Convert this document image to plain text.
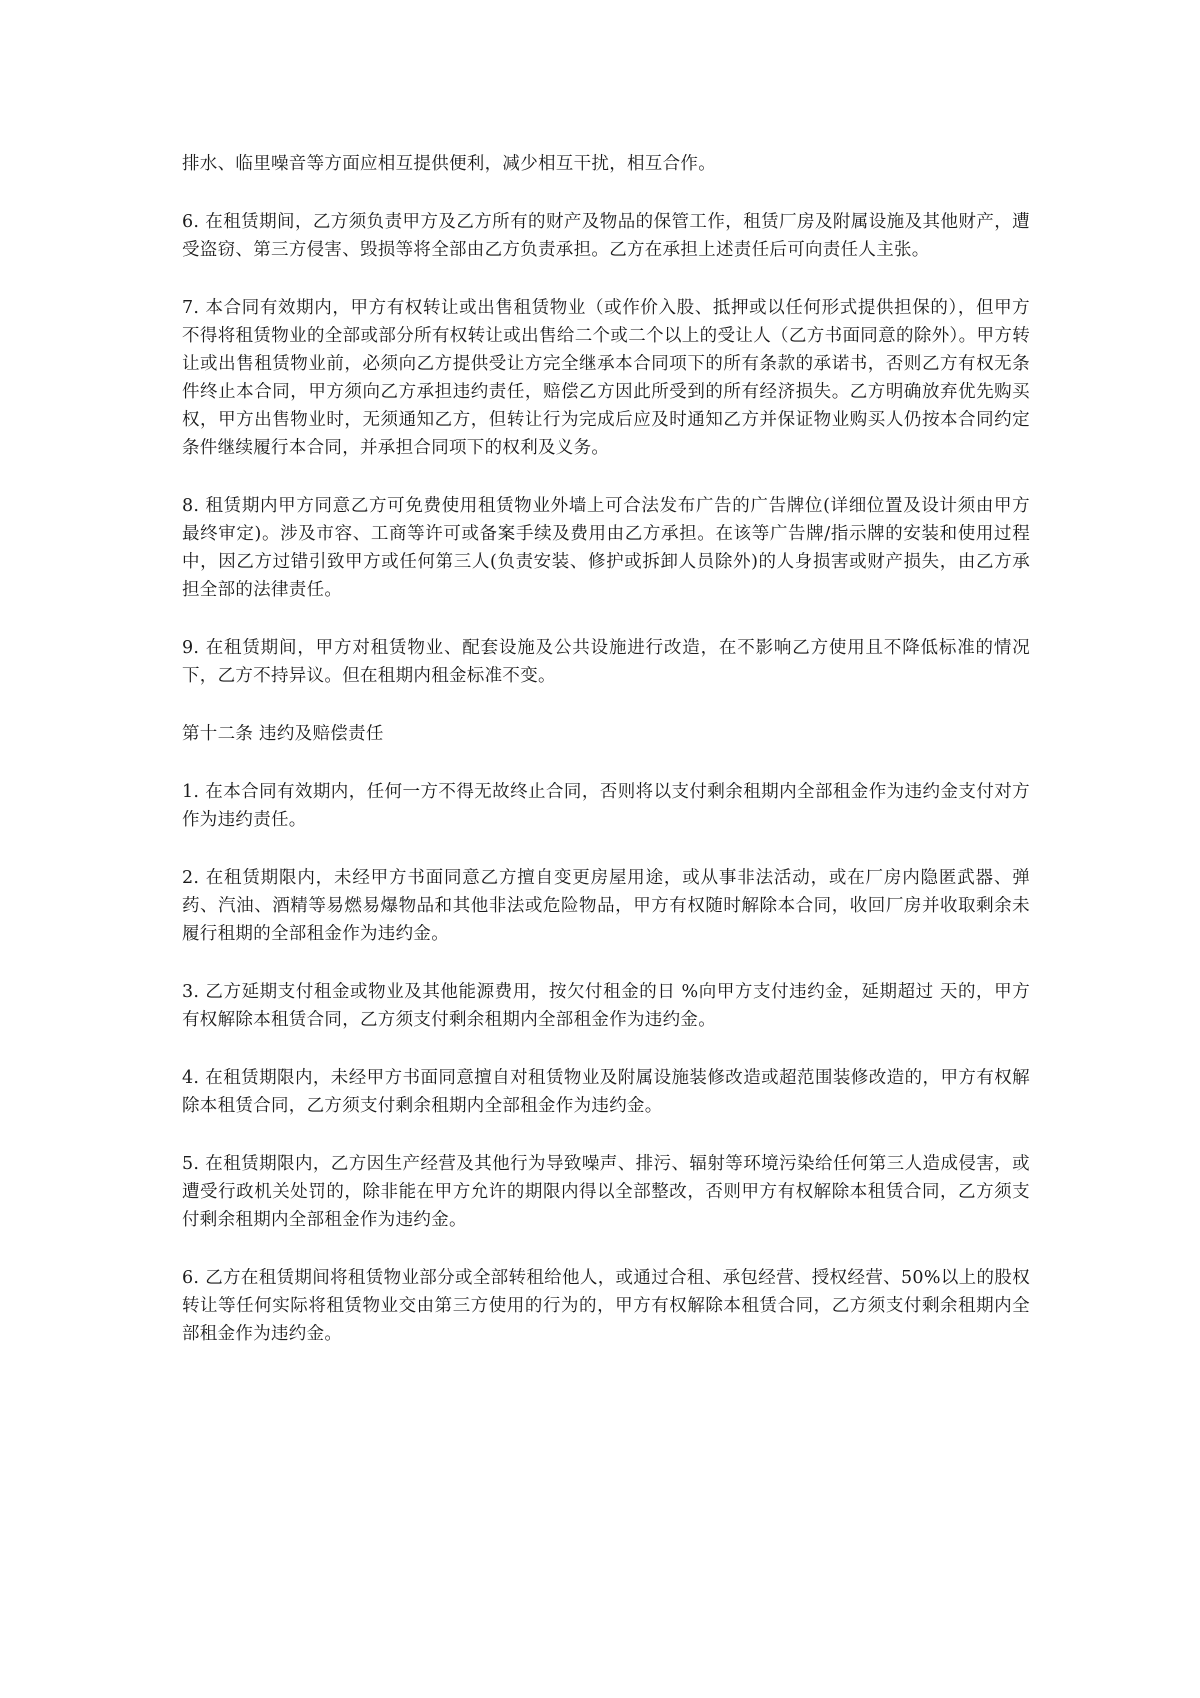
排水、临里噪音等方面应相互提供便利，减少相互干扰，相互合作。

6. 在租赁期间，乙方须负责甲方及乙方所有的财产及物品的保管工作，租赁厂房及附属设施及其他财产，遭受盗窃、第三方侵害、毁损等将全部由乙方负责承担。乙方在承担上述责任后可向责任人主张。

7. 本合同有效期内，甲方有权转让或出售租赁物业（或作价入股、抵押或以任何形式提供担保的），但甲方不得将租赁物业的全部或部分所有权转让或出售给二个或二个以上的受让人（乙方书面同意的除外）。甲方转让或出售租赁物业前，必须向乙方提供受让方完全继承本合同项下的所有条款的承诺书，否则乙方有权无条件终止本合同，甲方须向乙方承担违约责任，赔偿乙方因此所受到的所有经济损失。乙方明确放弃优先购买权，甲方出售物业时，无须通知乙方，但转让行为完成后应及时通知乙方并保证物业购买人仍按本合同约定条件继续履行本合同，并承担合同项下的权利及义务。

8. 租赁期内甲方同意乙方可免费使用租赁物业外墙上可合法发布广告的广告牌位(详细位置及设计须由甲方最终审定)。涉及市容、工商等许可或备案手续及费用由乙方承担。在该等广告牌/指示牌的安装和使用过程中，因乙方过错引致甲方或任何第三人(负责安装、修护或拆卸人员除外)的人身损害或财产损失，由乙方承担全部的法律责任。

9. 在租赁期间，甲方对租赁物业、配套设施及公共设施进行改造，在不影响乙方使用且不降低标准的情况下，乙方不持异议。但在租期内租金标准不变。

第十二条 违约及赔偿责任

1. 在本合同有效期内，任何一方不得无故终止合同，否则将以支付剩余租期内全部租金作为违约金支付对方作为违约责任。

2. 在租赁期限内，未经甲方书面同意乙方擅自变更房屋用途，或从事非法活动，或在厂房内隐匿武器、弹药、汽油、酒精等易燃易爆物品和其他非法或危险物品，甲方有权随时解除本合同，收回厂房并收取剩余未履行租期的全部租金作为违约金。

3. 乙方延期支付租金或物业及其他能源费用，按欠付租金的日 %向甲方支付违约金，延期超过 天的，甲方有权解除本租赁合同，乙方须支付剩余租期内全部租金作为违约金。

4. 在租赁期限内，未经甲方书面同意擅自对租赁物业及附属设施装修改造或超范围装修改造的，甲方有权解除本租赁合同，乙方须支付剩余租期内全部租金作为违约金。

5. 在租赁期限内，乙方因生产经营及其他行为导致噪声、排污、辐射等环境污染给任何第三人造成侵害，或遭受行政机关处罚的，除非能在甲方允许的期限内得以全部整改，否则甲方有权解除本租赁合同，乙方须支付剩余租期内全部租金作为违约金。

6. 乙方在租赁期间将租赁物业部分或全部转租给他人，或通过合租、承包经营、授权经营、50%以上的股权转让等任何实际将租赁物业交由第三方使用的行为的，甲方有权解除本租赁合同，乙方须支付剩余租期内全部租金作为违约金。
